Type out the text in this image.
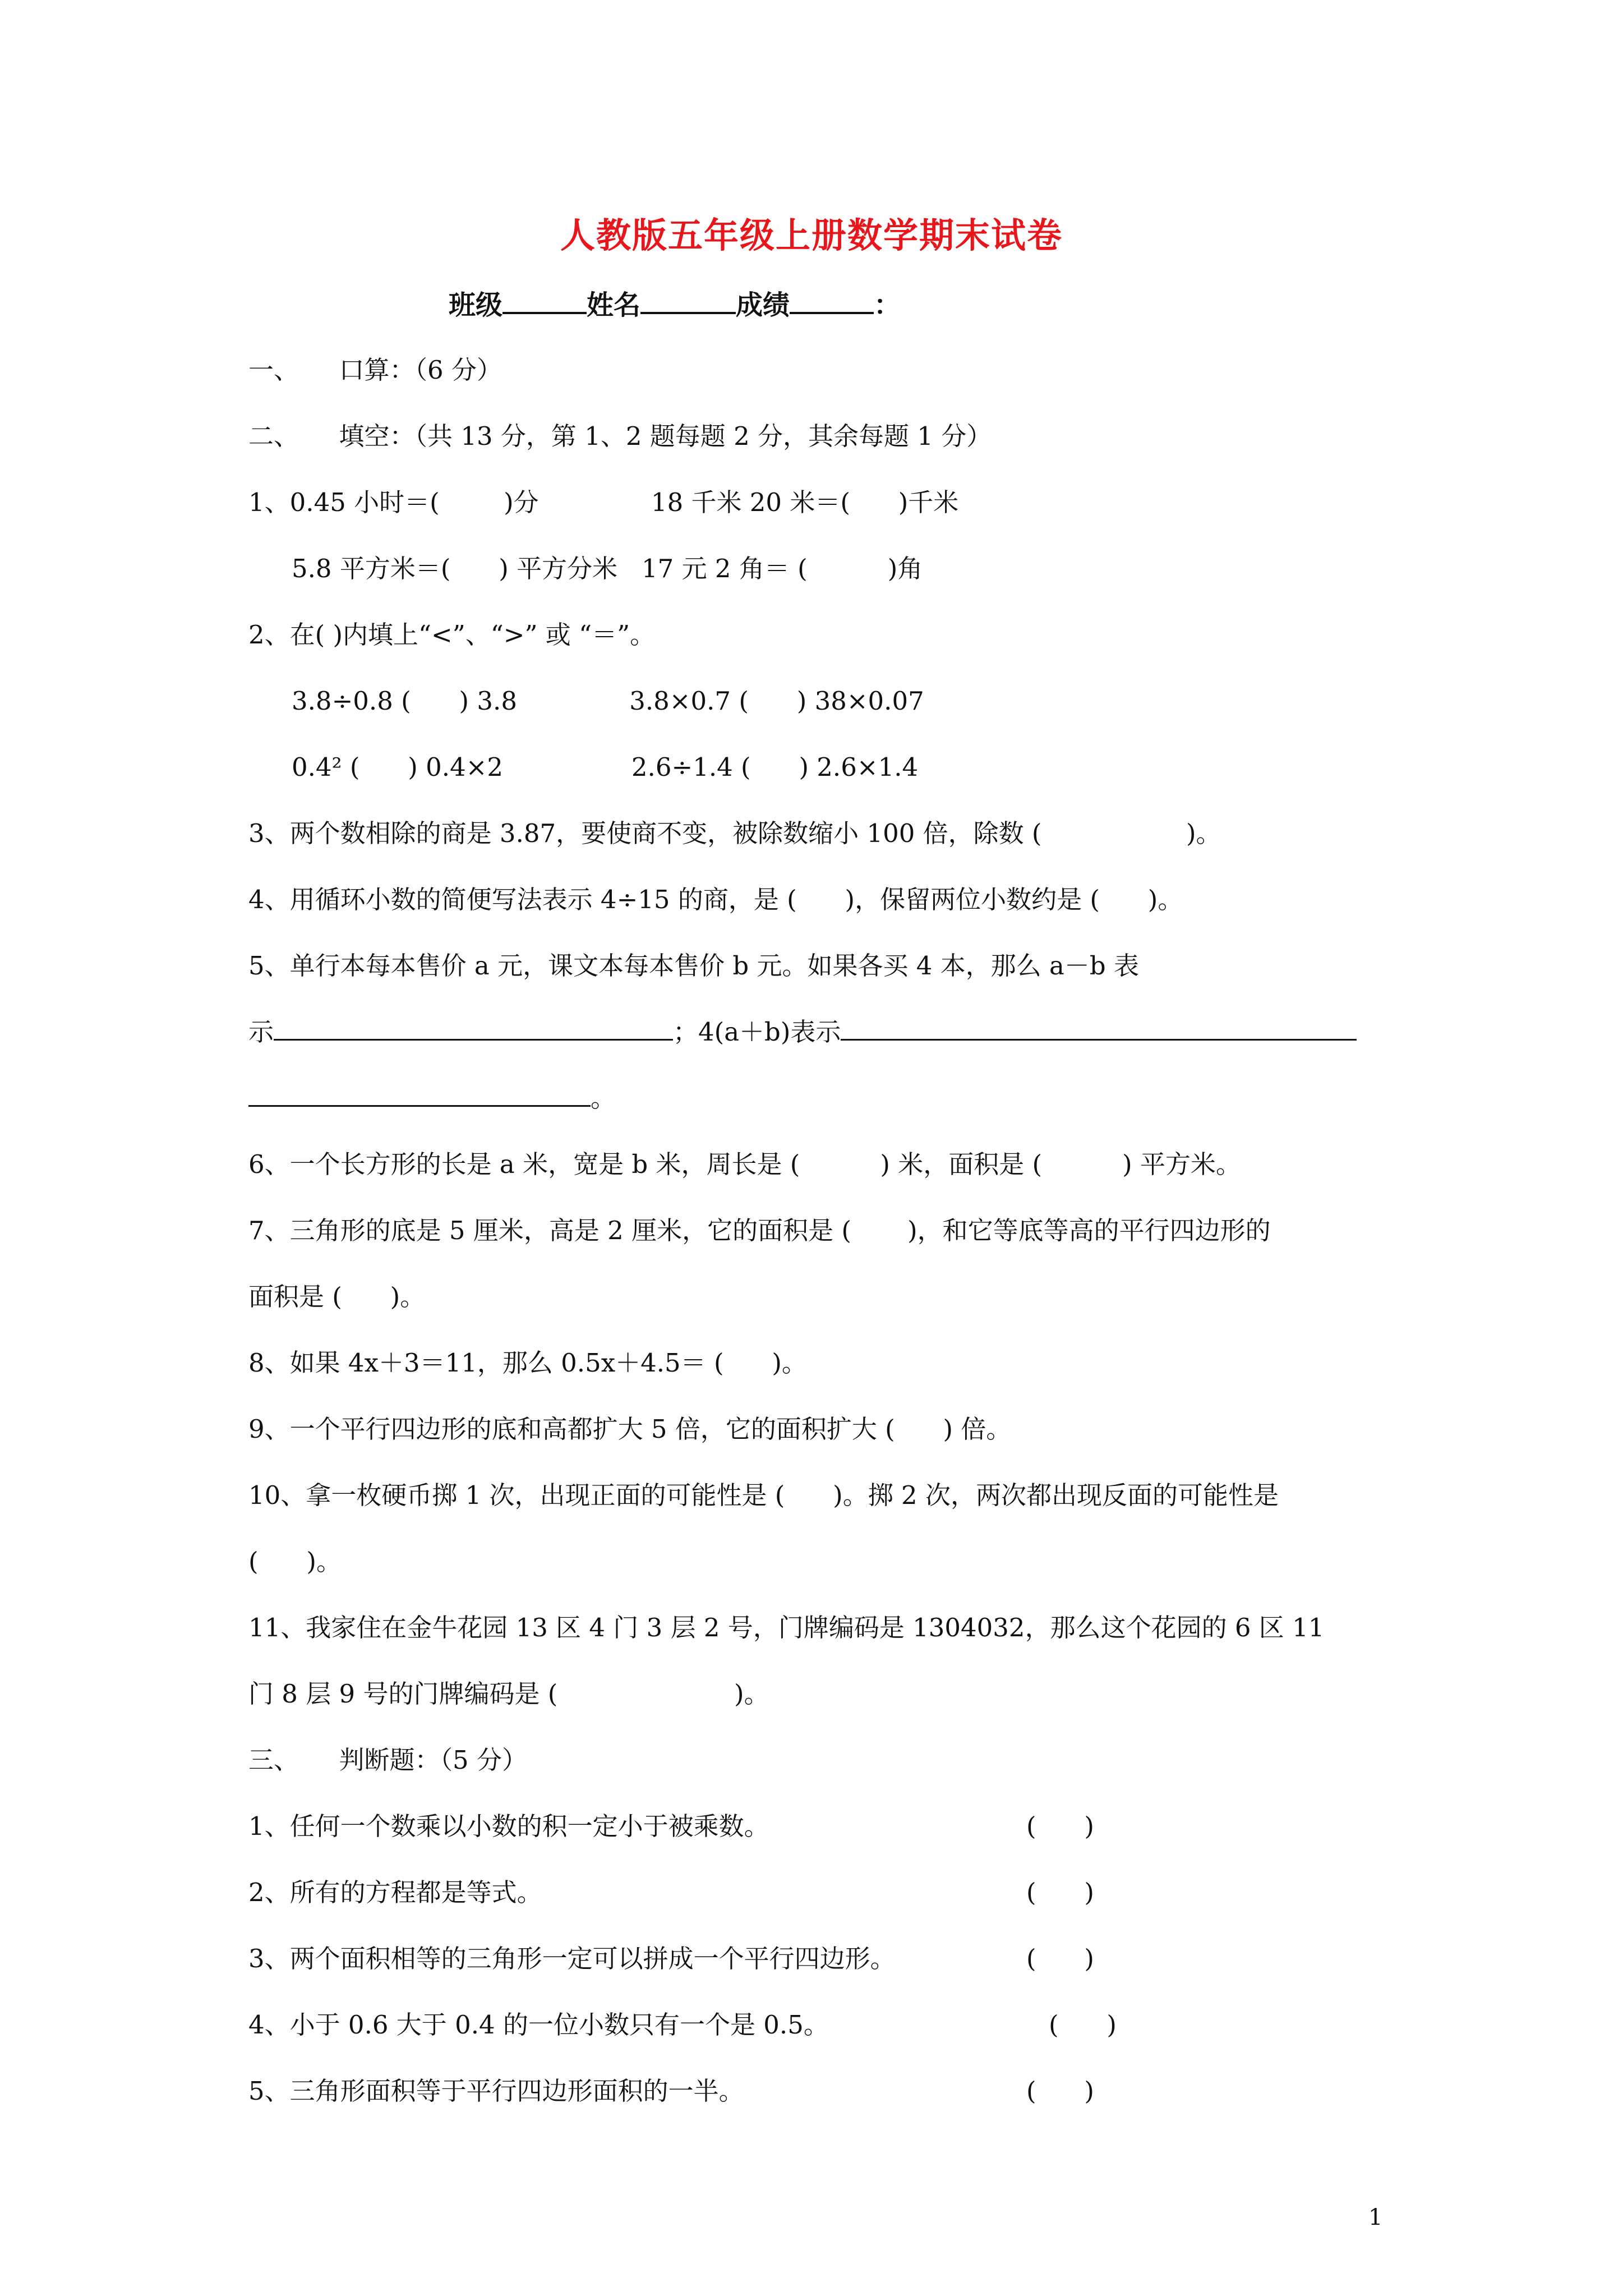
人教版五年级上册数学期末试卷
班级	姓名	成绩	：
一、     口算：（6 分）
二、     填空：（共 13 分，第 1、2 题每题 2 分，其余每题 1 分）
1、0.45 小时＝(        )分              18 千米 20 米＝(      )千米
5.8 平方米＝(      ) 平方分米   17 元 2 角＝ (          )角
2、在( )内填上“<”、“>” 或 “＝”。
3.8÷0.8 (      ) 3.8              3.8×0.7 (      ) 38×0.07
0.4² (      ) 0.4×2                2.6÷1.4 (      ) 2.6×1.4
3、两个数相除的商是 3.87，要使商不变，被除数缩小 100 倍，除数 (                  )。
4、用循环小数的简便写法表示 4÷15 的商，是 (      )，保留两位小数约是 (      )。
5、单行本每本售价 a 元，课文本每本售价 b 元。如果各买 4 本，那么 a－b 表
示	；4(a＋b)表示
。
6、一个长方形的长是 a 米，宽是 b 米，周长是 (          ) 米，面积是 (          ) 平方米。
7、三角形的底是 5 厘米，高是 2 厘米，它的面积是 (       )，和它等底等高的平行四边形的
面积是 (      )。
8、如果 4x＋3＝11，那么 0.5x＋4.5＝ (      )。
9、一个平行四边形的底和高都扩大 5 倍，它的面积扩大 (      ) 倍。
10、拿一枚硬币掷 1 次，出现正面的可能性是 (      )。掷 2 次，两次都出现反面的可能性是
(      )。
11、我家住在金牛花园 13 区 4 门 3 层 2 号，门牌编码是 1304032，那么这个花园的 6 区 11
门 8 层 9 号的门牌编码是 (                      )。
三、     判断题：（5 分）
1、任何一个数乘以小数的积一定小于被乘数。	(      )
2、所有的方程都是等式。	(      )
3、两个面积相等的三角形一定可以拼成一个平行四边形。	(      )
4、小于 0.6 大于 0.4 的一位小数只有一个是 0.5。	(      )
5、三角形面积等于平行四边形面积的一半。	(      )
1
